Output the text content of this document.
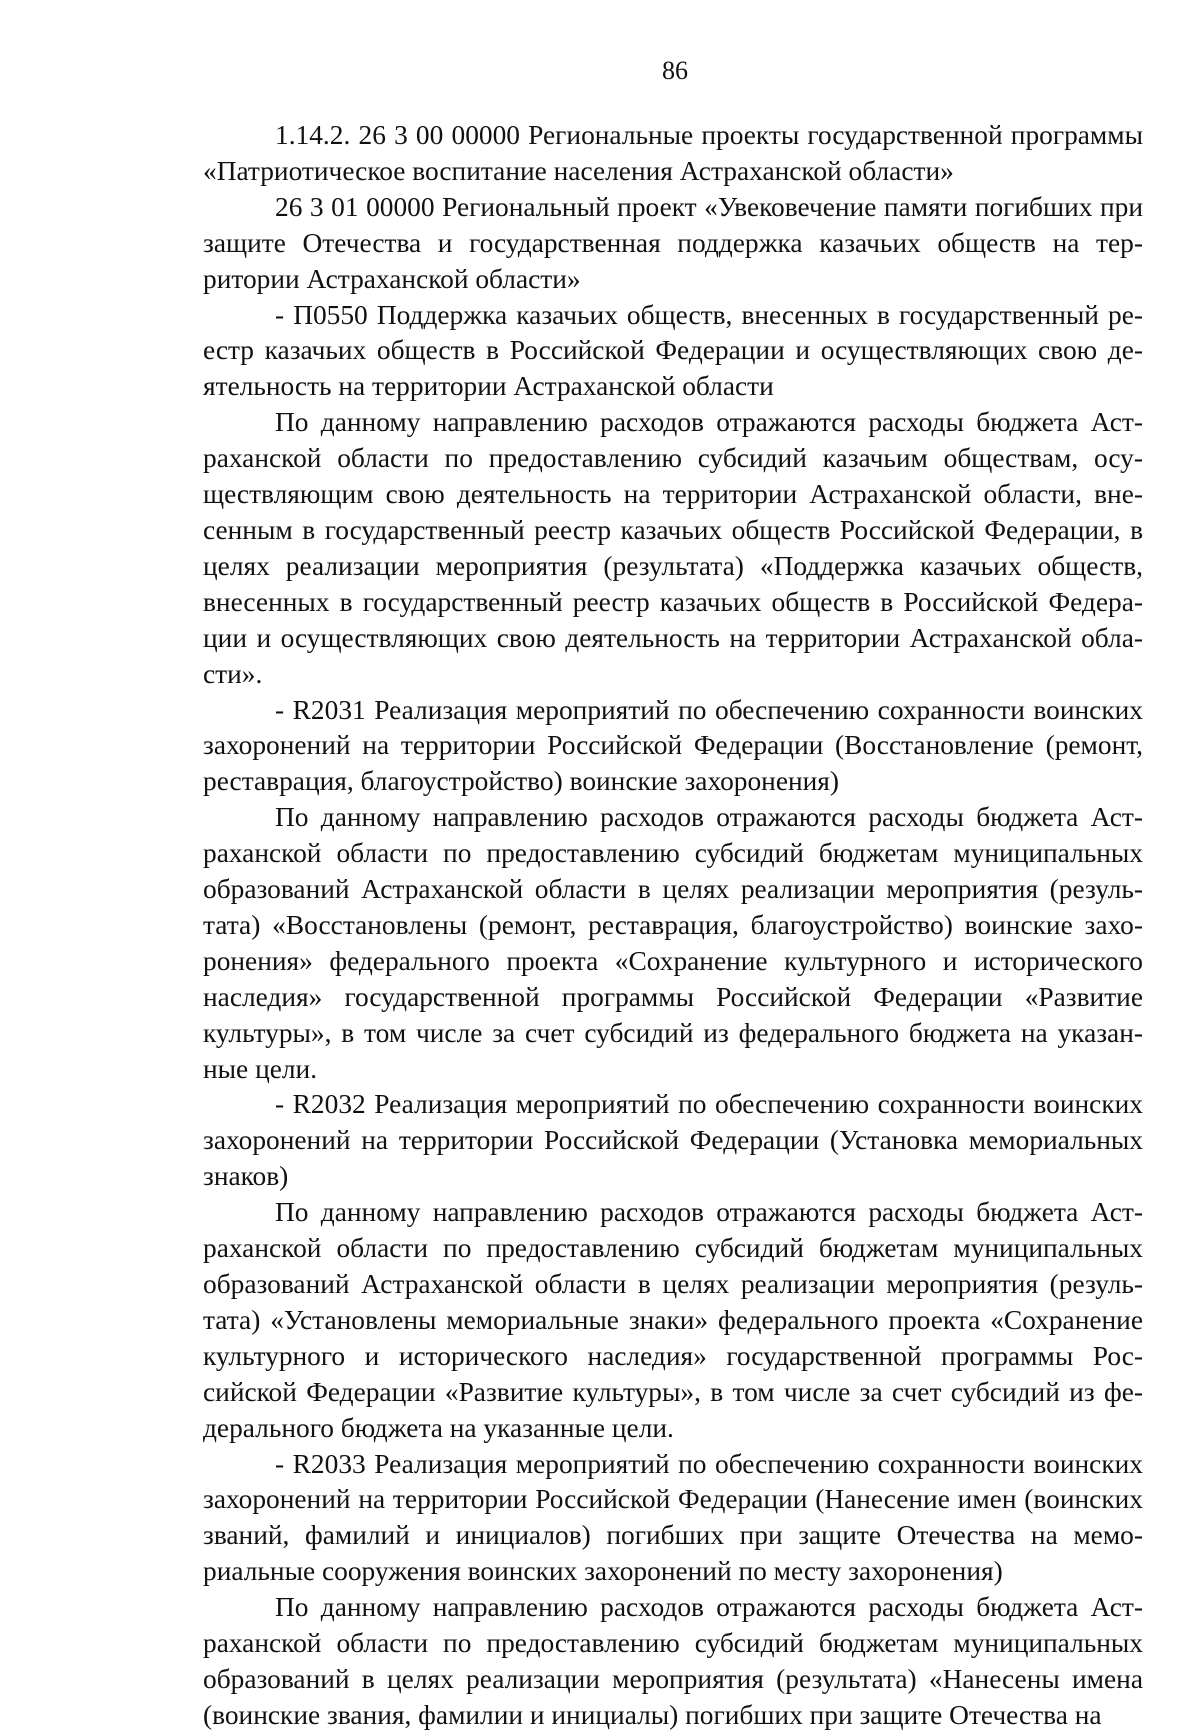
86

1.14.2. 26 3 00 00000 Региональные проекты государственной программы «Патриотическое воспитание населения Астраханской области»

26 3 01 00000 Региональный проект «Увековечение памяти погибших при защите Отечества и государственная поддержка казачьих обществ на территории Астраханской области»

- П0550 Поддержка казачьих обществ, внесенных в государственный реестр казачьих обществ в Российской Федерации и осуществляющих свою деятельность на территории Астраханской области

По данному направлению расходов отражаются расходы бюджета Астраханской области по предоставлению субсидий казачьим обществам, осуществляющим свою деятельность на территории Астраханской области, внесенным в государственный реестр казачьих обществ Российской Федерации, в целях реализации мероприятия (результата) «Поддержка казачьих обществ, внесенных в государственный реестр казачьих обществ в Российской Федерации и осуществляющих свою деятельность на территории Астраханской области».

- R2031 Реализация мероприятий по обеспечению сохранности воинских захоронений на территории Российской Федерации (Восстановление (ремонт, реставрация, благоустройство) воинские захоронения)

По данному направлению расходов отражаются расходы бюджета Астраханской области по предоставлению субсидий бюджетам муниципальных образований Астраханской области в целях реализации мероприятия (результата) «Восстановлены (ремонт, реставрация, благоустройство) воинские захоронения» федерального проекта «Сохранение культурного и исторического наследия» государственной программы Российской Федерации «Развитие культуры», в том числе за счет субсидий из федерального бюджета на указанные цели.

- R2032 Реализация мероприятий по обеспечению сохранности воинских захоронений на территории Российской Федерации (Установка мемориальных знаков)

По данному направлению расходов отражаются расходы бюджета Астраханской области по предоставлению субсидий бюджетам муниципальных образований Астраханской области в целях реализации мероприятия (результата) «Установлены мемориальные знаки» федерального проекта «Сохранение культурного и исторического наследия» государственной программы Российской Федерации «Развитие культуры», в том числе за счет субсидий из федерального бюджета на указанные цели.

- R2033 Реализация мероприятий по обеспечению сохранности воинских захоронений на территории Российской Федерации (Нанесение имен (воинских званий, фамилий и инициалов) погибших при защите Отечества на мемориальные сооружения воинских захоронений по месту захоронения)

По данному направлению расходов отражаются расходы бюджета Астраханской области по предоставлению субсидий бюджетам муниципальных образований в целях реализации мероприятия (результата) «Нанесены имена (воинские звания, фамилии и инициалы) погибших при защите Отечества на
